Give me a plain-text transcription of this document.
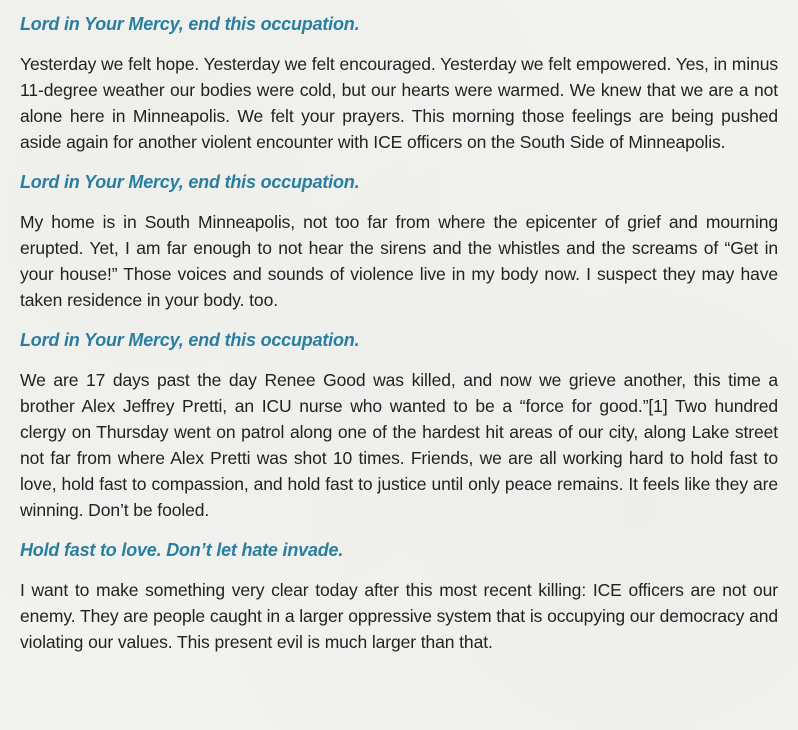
Lord in Your Mercy, end this occupation.

Yesterday we felt hope. Yesterday we felt encouraged. Yesterday we felt empowered. Yes, in minus 11-degree weather our bodies were cold, but our hearts were warmed. We knew that we are a not alone here in Minneapolis. We felt your prayers. This morning those feelings are being pushed aside again for another violent encounter with ICE officers on the South Side of Minneapolis.

Lord in Your Mercy, end this occupation.

My home is in South Minneapolis, not too far from where the epicenter of grief and mourning erupted. Yet, I am far enough to not hear the sirens and the whistles and the screams of “Get in your house!” Those voices and sounds of violence live in my body now. I suspect they may have taken residence in your body. too.

Lord in Your Mercy, end this occupation.

We are 17 days past the day Renee Good was killed, and now we grieve another, this time a brother Alex Jeffrey Pretti, an ICU nurse who wanted to be a “force for good.”[1] Two hundred clergy on Thursday went on patrol along one of the hardest hit areas of our city, along Lake street not far from where Alex Pretti was shot 10 times. Friends, we are all working hard to hold fast to love, hold fast to compassion, and hold fast to justice until only peace remains. It feels like they are winning. Don’t be fooled.

Hold fast to love. Don’t let hate invade.

I want to make something very clear today after this most recent killing: ICE officers are not our enemy. They are people caught in a larger oppressive system that is occupying our democracy and violating our values. This present evil is much larger than that.
